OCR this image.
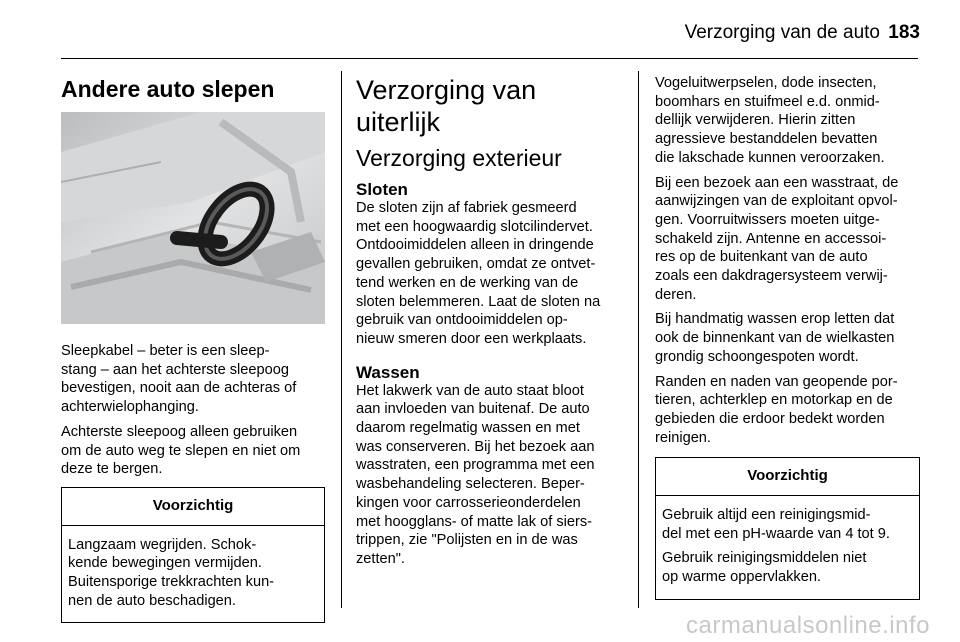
Verzorging van de auto 183
Andere auto slepen

Sleepkabel – beter is een sleep-
stang – aan het achterste sleepoog
bevestigen, nooit aan de achteras of
achterwielophanging.

Achterste sleepoog alleen gebruiken
om de auto weg te slepen en niet om
deze te bergen.

Voorzichtig

Langzaam wegrijden. Schok-
kende bewegingen vermijden.
Buitensporige trekkrachten kun-
nen de auto beschadigen.

Verzorging van uiterlijk
Verzorging exterieur
Sloten

De sloten zijn af fabriek gesmeerd
met een hoogwaardig slotcilindervet.
Ontdooimiddelen alleen in dringende
gevallen gebruiken, omdat ze ontvet-
tend werken en de werking van de
sloten belemmeren. Laat de sloten na
gebruik van ontdooimiddelen op-
nieuw smeren door een werkplaats.

Wassen

Het lakwerk van de auto staat bloot
aan invloeden van buitenaf. De auto
daarom regelmatig wassen en met
was conserveren. Bij het bezoek aan
wasstraten, een programma met een
wasbehandeling selecteren. Beper-
kingen voor carrosserieonderdelen
met hoogglans- of matte lak of siers-
trippen, zie "Polijsten en in de was
zetten".

Vogeluitwerpselen, dode insecten,
boomhars en stuifmeel e.d. onmid-
dellijk verwijderen. Hierin zitten
agressieve bestanddelen bevatten
die lakschade kunnen veroorzaken.

Bij een bezoek aan een wasstraat, de
aanwijzingen van de exploitant opvol-
gen. Voorruitwissers moeten uitge-
schakeld zijn. Antenne en accessoi-
res op de buitenkant van de auto
zoals een dakdragersysteem verwij-
deren.

Bij handmatig wassen erop letten dat
ook de binnenkant van de wielkasten
grondig schoongespoten wordt.

Randen en naden van geopende por-
tieren, achterklep en motorkap en de
gebieden die erdoor bedekt worden
reinigen.

Voorzichtig

Gebruik altijd een reinigingsmid-
del met een pH-waarde van 4 tot 9.

Gebruik reinigingsmiddelen niet
op warme oppervlakken.

carmanualsonline.info
